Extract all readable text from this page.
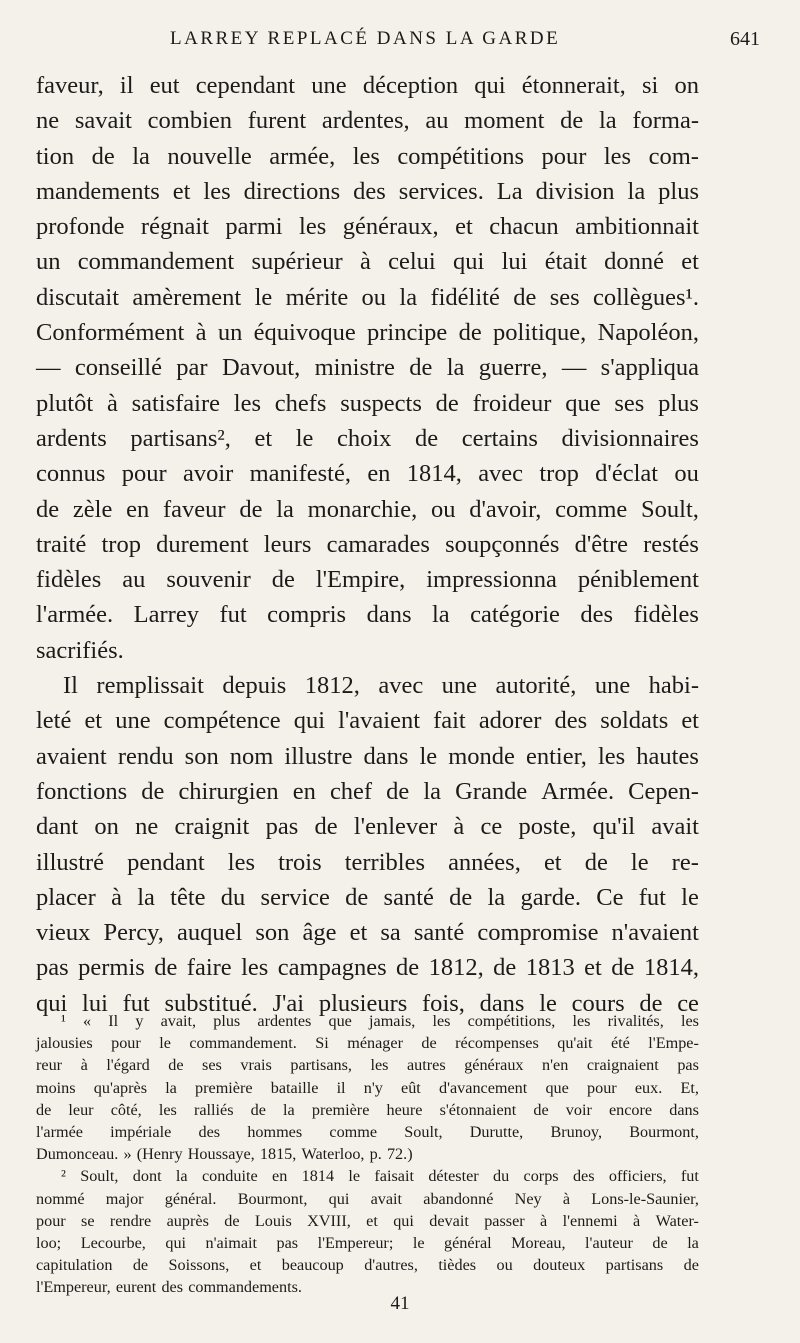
LARREY REPLACÉ DANS LA GARDE	641
faveur, il eut cependant une déception qui étonnerait, si on
ne savait combien furent ardentes, au moment de la forma-
tion de la nouvelle armée, les compétitions pour les com-
mandements et les directions des services. La division la plus
profonde régnait parmi les généraux, et chacun ambitionnait
un commandement supérieur à celui qui lui était donné et
discutait amèrement le mérite ou la fidélité de ses collègues¹.
Conformément à un équivoque principe de politique, Napoléon,
— conseillé par Davout, ministre de la guerre, — s'appliqua
plutôt à satisfaire les chefs suspects de froideur que ses plus
ardents partisans², et le choix de certains divisionnaires
connus pour avoir manifesté, en 1814, avec trop d'éclat ou
de zèle en faveur de la monarchie, ou d'avoir, comme Soult,
traité trop durement leurs camarades soupçonnés d'être restés
fidèles au souvenir de l'Empire, impressionna péniblement
l'armée. Larrey fut compris dans la catégorie des fidèles
sacrifiés.
Il remplissait depuis 1812, avec une autorité, une habi-
leté et une compétence qui l'avaient fait adorer des soldats et
avaient rendu son nom illustre dans le monde entier, les hautes
fonctions de chirurgien en chef de la Grande Armée. Cepen-
dant on ne craignit pas de l'enlever à ce poste, qu'il avait
illustré pendant les trois terribles années, et de le re-
placer à la tête du service de santé de la garde. Ce fut le
vieux Percy, auquel son âge et sa santé compromise n'avaient
pas permis de faire les campagnes de 1812, de 1813 et de 1814,
qui lui fut substitué. J'ai plusieurs fois, dans le cours de ce
¹ « Il y avait, plus ardentes que jamais, les compétitions, les rivalités, les
jalousies pour le commandement. Si ménager de récompenses qu'ait été l'Empe-
reur à l'égard de ses vrais partisans, les autres généraux n'en craignaient pas
moins qu'après la première bataille il n'y eût d'avancement que pour eux. Et,
de leur côté, les ralliés de la première heure s'étonnaient de voir encore dans
l'armée impériale des hommes comme Soult, Durutte, Brunoy, Bourmont,
Dumonceau. » (Henry Houssaye, 1815, Waterloo, p. 72.)
² Soult, dont la conduite en 1814 le faisait détester du corps des officiers, fut
nommé major général. Bourmont, qui avait abandonné Ney à Lons-le-Saunier,
pour se rendre auprès de Louis XVIII, et qui devait passer à l'ennemi à Water-
loo; Lecourbe, qui n'aimait pas l'Empereur; le général Moreau, l'auteur de la
capitulation de Soissons, et beaucoup d'autres, tièdes ou douteux partisans de
l'Empereur, eurent des commandements.
41
